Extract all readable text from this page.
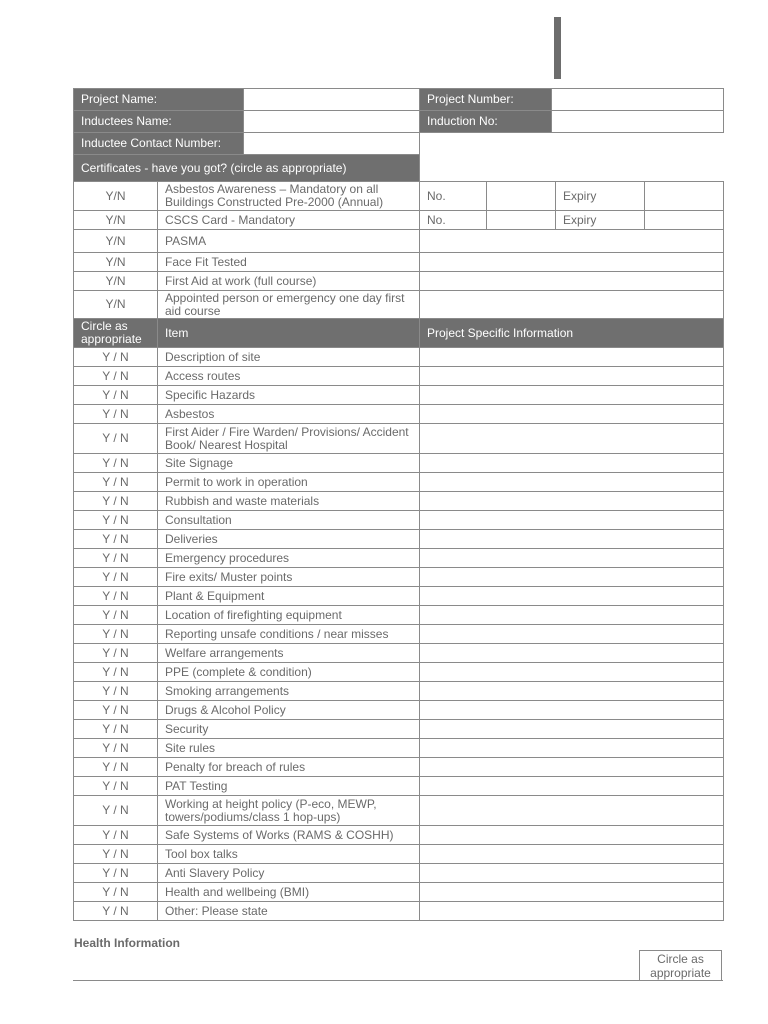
Project Name:		Project Number:	
Inductees Name:		Induction No:	
Inductee Contact Number:			
Certificates - have you got? (circle as appropriate)			
Y/N	Asbestos Awareness – Mandatory on all Buildings Constructed Pre-2000 (Annual)	No.		Expiry	
Y/N	CSCS Card - Mandatory	No.		Expiry	
Y/N	PASMA				
Y/N	Face Fit Tested				
Y/N	First Aid at work (full course)				
Y/N	Appointed person or emergency one day first aid course				
Circle as appropriate	Item	Project Specific Information
Y / N	Description of site	
Y / N	Access routes	
Y / N	Specific Hazards	
Y / N	Asbestos	
Y / N	First Aider / Fire Warden/ Provisions/ Accident Book/ Nearest Hospital	
Y / N	Site Signage	
Y / N	Permit to work in operation	
Y / N	Rubbish and waste materials	
Y / N	Consultation	
Y / N	Deliveries	
Y / N	Emergency procedures	
Y / N	Fire exits/ Muster points	
Y / N	Plant & Equipment	
Y / N	Location of firefighting equipment	
Y / N	Reporting unsafe conditions / near misses	
Y / N	Welfare arrangements	
Y / N	PPE (complete & condition)	
Y / N	Smoking arrangements	
Y / N	Drugs & Alcohol Policy	
Y / N	Security	
Y / N	Site rules	
Y / N	Penalty for breach of rules	
Y / N	PAT Testing	
Y / N	Working at height policy (P-eco, MEWP, towers/podiums/class 1 hop-ups)	
Y / N	Safe Systems of Works (RAMS & COSHH)	
Y / N	Tool box talks	
Y / N	Anti Slavery Policy	
Y / N	Health and wellbeing (BMI)	
Y / N	Other: Please state	
Health Information
Circle as appropriate
